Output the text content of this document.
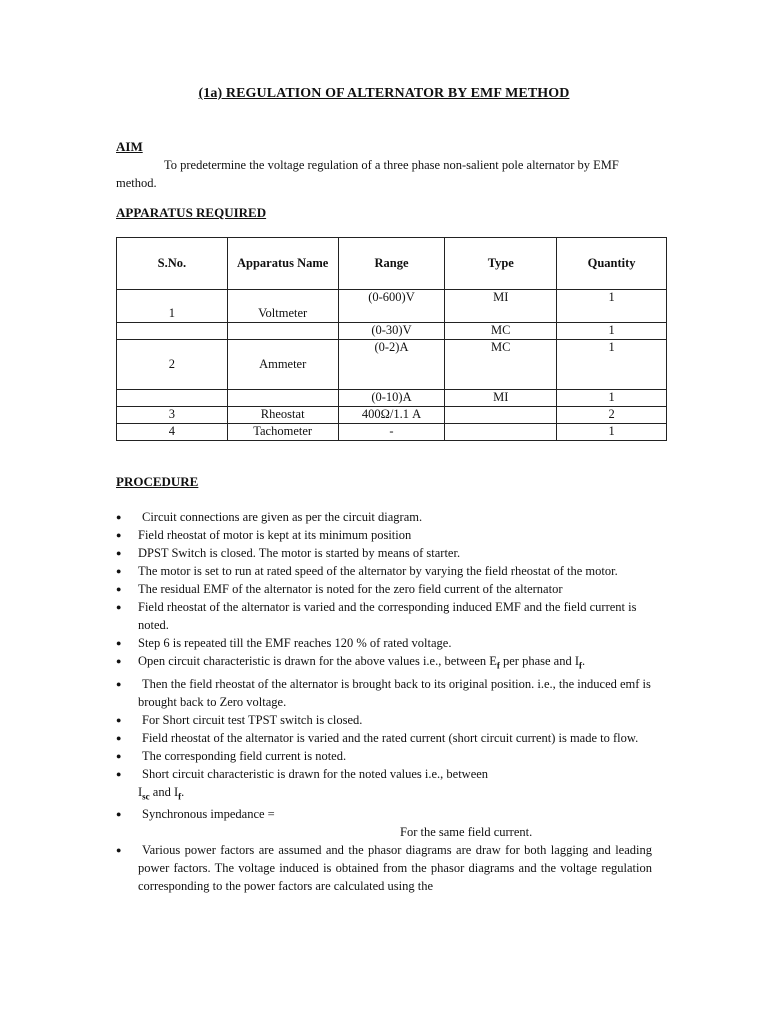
(1a) REGULATION OF ALTERNATOR BY EMF METHOD
AIM
To predetermine the voltage regulation of a three phase non-salient pole alternator by EMF method.
APPARATUS REQUIRED
S.No.	Apparatus Name	Range	Type	Quantity
1	Voltmeter	(0-600)V	MI	1
		(0-30)V	MC	1
2	Ammeter	(0-2)A	MC	1
		(0-10)A	MI	1
3	Rheostat	400Ω/1.1 A		2
4	Tachometer	-		1
PROCEDURE
● Circuit connections are given as per the circuit diagram.
● Field rheostat of motor is kept at its minimum position
● DPST Switch is closed. The motor is started by means of starter.
● The motor is set to run at rated speed of the alternator by varying the field rheostat of the motor.
● The residual EMF of the alternator is noted for the zero field current of the alternator
● Field rheostat of the alternator is varied and the corresponding induced EMF and the field current is noted.
● Step 6 is repeated till the EMF reaches 120 % of rated voltage.
● Open circuit characteristic is drawn for the above values i.e., between $E_f$ per phase and $I_f$.
● Then the field rheostat of the alternator is brought back to its original position. i.e., the induced emf is brought back to Zero voltage.
● For Short circuit test TPST switch is closed.
● Field rheostat of the alternator is varied and the rated current (short circuit current) is made to flow.
● The corresponding field current is noted.
● Short circuit characteristic is drawn for the noted values i.e., between
$I_{sc}$ and $I_f$.
● Synchronous impedance =
For the same field current.
● Various power factors are assumed and the phasor diagrams are draw for both lagging and leading power factors. The voltage induced is obtained from the phasor diagrams and the voltage regulation corresponding to the power factors are calculated using the
